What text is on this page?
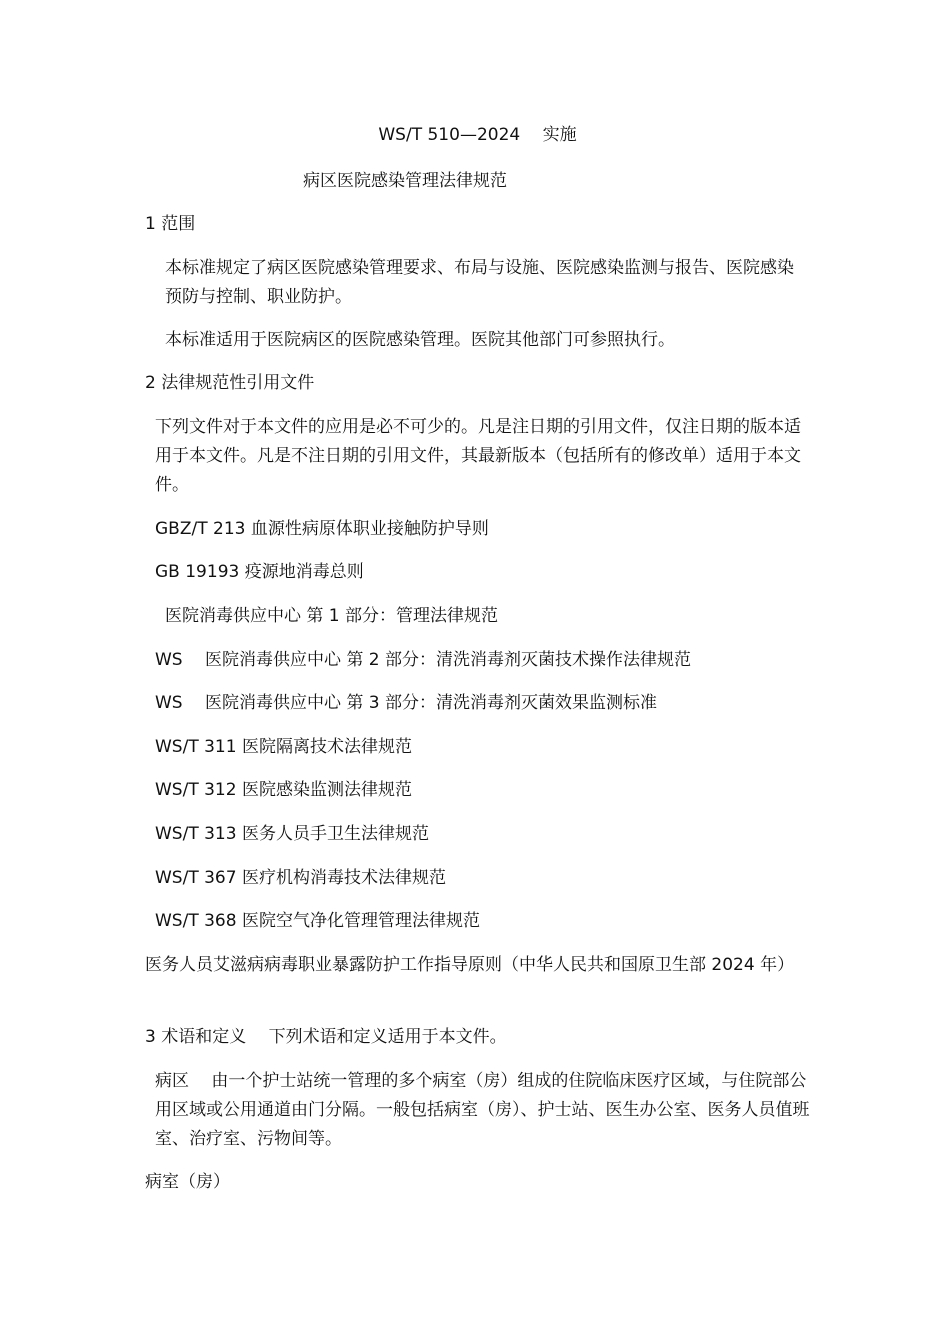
WS/T 510—2024　 实施
病区医院感染管理法律规范
1 范围
本标准规定了病区医院感染管理要求、布局与设施、医院感染监测与报告、医院感染预防与控制、职业防护。
本标准适用于医院病区的医院感染管理。医院其他部门可参照执行。
2 法律规范性引用文件
下列文件对于本文件的应用是必不可少的。凡是注日期的引用文件，仅注日期的版本适用于本文件。凡是不注日期的引用文件，其最新版本（包括所有的修改单）适用于本文件。
GBZ/T 213 血源性病原体职业接触防护导则
GB 19193 疫源地消毒总则
医院消毒供应中心 第 1 部分：管理法律规范
WS　 医院消毒供应中心 第 2 部分：清洗消毒剂灭菌技术操作法律规范
WS　 医院消毒供应中心 第 3 部分：清洗消毒剂灭菌效果监测标准
WS/T 311 医院隔离技术法律规范
WS/T 312 医院感染监测法律规范
WS/T 313 医务人员手卫生法律规范
WS/T 367 医疗机构消毒技术法律规范
WS/T 368 医院空气净化管理管理法律规范
医务人员艾滋病病毒职业暴露防护工作指导原则（中华人民共和国原卫生部 2024 年）
3 术语和定义　 下列术语和定义适用于本文件。
病区　 由一个护士站统一管理的多个病室（房）组成的住院临床医疗区域，与住院部公用区域或公用通道由门分隔。一般包括病室（房）、护士站、医生办公室、医务人员值班室、治疗室、污物间等。
病室（房）
